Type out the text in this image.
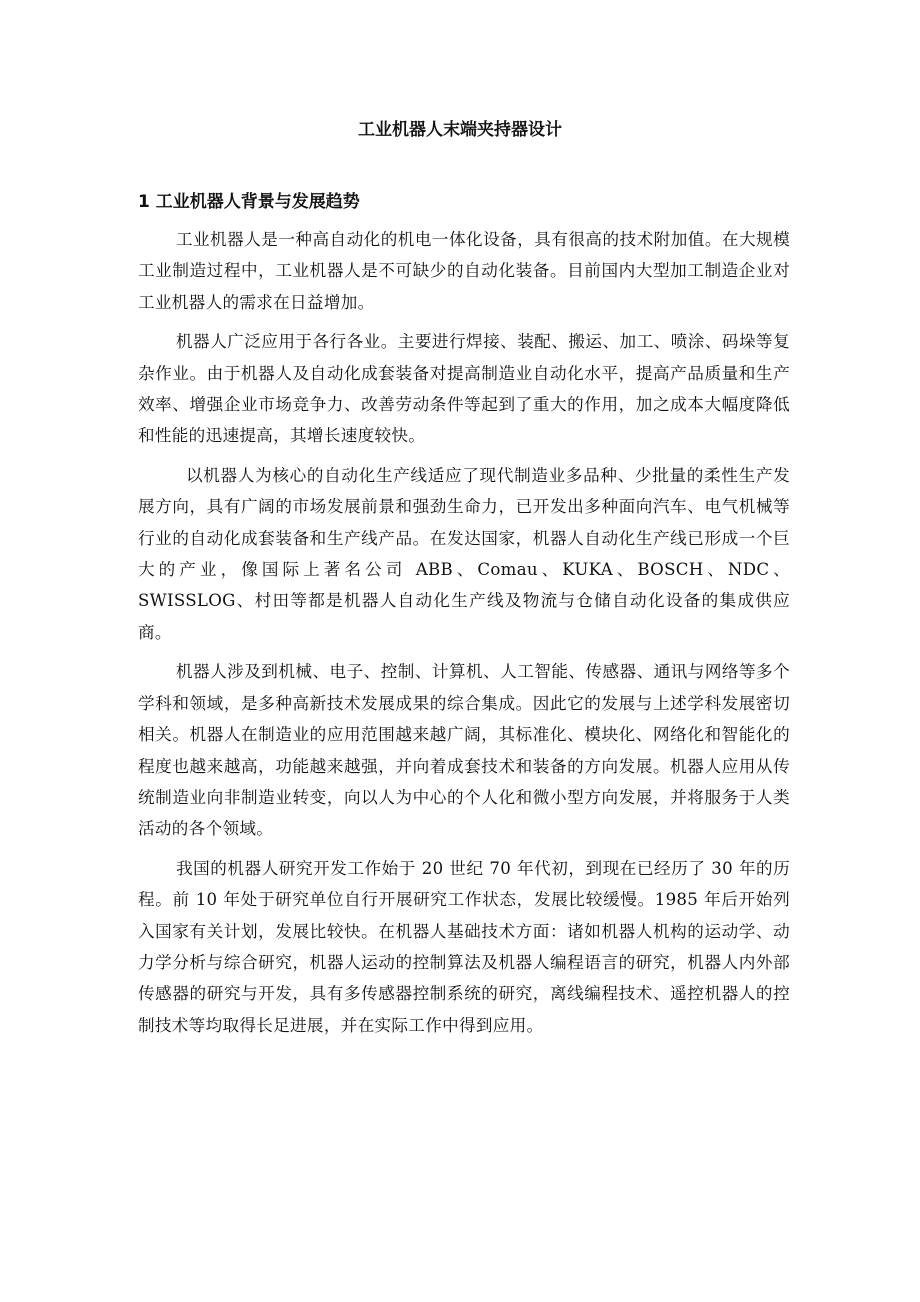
工业机器人末端夹持器设计
1 工业机器人背景与发展趋势

工业机器人是一种高自动化的机电一体化设备，具有很高的技术附加值。在大规模工业制造过程中，工业机器人是不可缺少的自动化装备。目前国内大型加工制造企业对工业机器人的需求在日益增加。

机器人广泛应用于各行各业。主要进行焊接、装配、搬运、加工、喷涂、码垛等复杂作业。由于机器人及自动化成套装备对提高制造业自动化水平，提高产品质量和生产效率、增强企业市场竞争力、改善劳动条件等起到了重大的作用，加之成本大幅度降低和性能的迅速提高，其增长速度较快。

以机器人为核心的自动化生产线适应了现代制造业多品种、少批量的柔性生产发展方向，具有广阔的市场发展前景和强劲生命力，已开发出多种面向汽车、电气机械等行业的自动化成套装备和生产线产品。在发达国家，机器人自动化生产线已形成一个巨大的产业，像国际上著名公司 ABB、Comau、KUKA、BOSCH、NDC、SWISSLOG、村田等都是机器人自动化生产线及物流与仓储自动化设备的集成供应商。

机器人涉及到机械、电子、控制、计算机、人工智能、传感器、通讯与网络等多个学科和领域，是多种高新技术发展成果的综合集成。因此它的发展与上述学科发展密切相关。机器人在制造业的应用范围越来越广阔，其标准化、模块化、网络化和智能化的程度也越来越高，功能越来越强，并向着成套技术和装备的方向发展。机器人应用从传统制造业向非制造业转变，向以人为中心的个人化和微小型方向发展，并将服务于人类活动的各个领域。

我国的机器人研究开发工作始于 20 世纪 70 年代初，到现在已经历了 30 年的历程。前 10 年处于研究单位自行开展研究工作状态，发展比较缓慢。1985 年后开始列入国家有关计划，发展比较快。在机器人基础技术方面：诸如机器人机构的运动学、动力学分析与综合研究，机器人运动的控制算法及机器人编程语言的研究，机器人内外部传感器的研究与开发，具有多传感器控制系统的研究，离线编程技术、遥控机器人的控制技术等均取得长足进展，并在实际工作中得到应用。
